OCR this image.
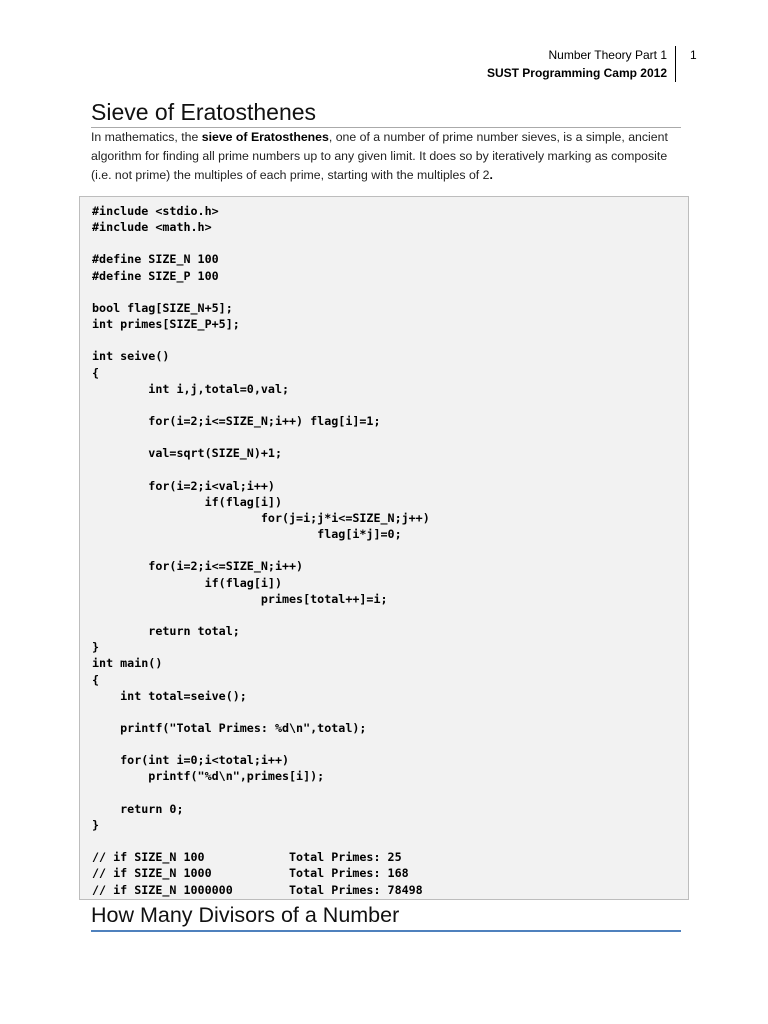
Number Theory Part 1
SUST Programming Camp 2012
1
Sieve of Eratosthenes
In mathematics, the sieve of Eratosthenes, one of a number of prime number sieves, is a simple, ancient algorithm for finding all prime numbers up to any given limit. It does so by iteratively marking as composite (i.e. not prime) the multiples of each prime, starting with the multiples of 2.
#include <stdio.h>
#include <math.h>

#define SIZE_N 100
#define SIZE_P 100

bool flag[SIZE_N+5];
int primes[SIZE_P+5];

int seive()
{
int i,j,total=0,val;

for(i=2;i<=SIZE_N;i++) flag[i]=1;

val=sqrt(SIZE_N)+1;

for(i=2;i<val;i++)
if(flag[i])
for(j=i;j*i<=SIZE_N;j++)
flag[i*j]=0;

for(i=2;i<=SIZE_N;i++)
if(flag[i])
primes[total++]=i;

return total;
}
int main()
{
int total=seive();

printf("Total Primes: %d\n",total);

for(int i=0;i<total;i++)
printf("%d\n",primes[i]);

return 0;
}

// if SIZE_N 100            Total Primes: 25
// if SIZE_N 1000           Total Primes: 168
// if SIZE_N 1000000        Total Primes: 78498

How Many Divisors of a Number
